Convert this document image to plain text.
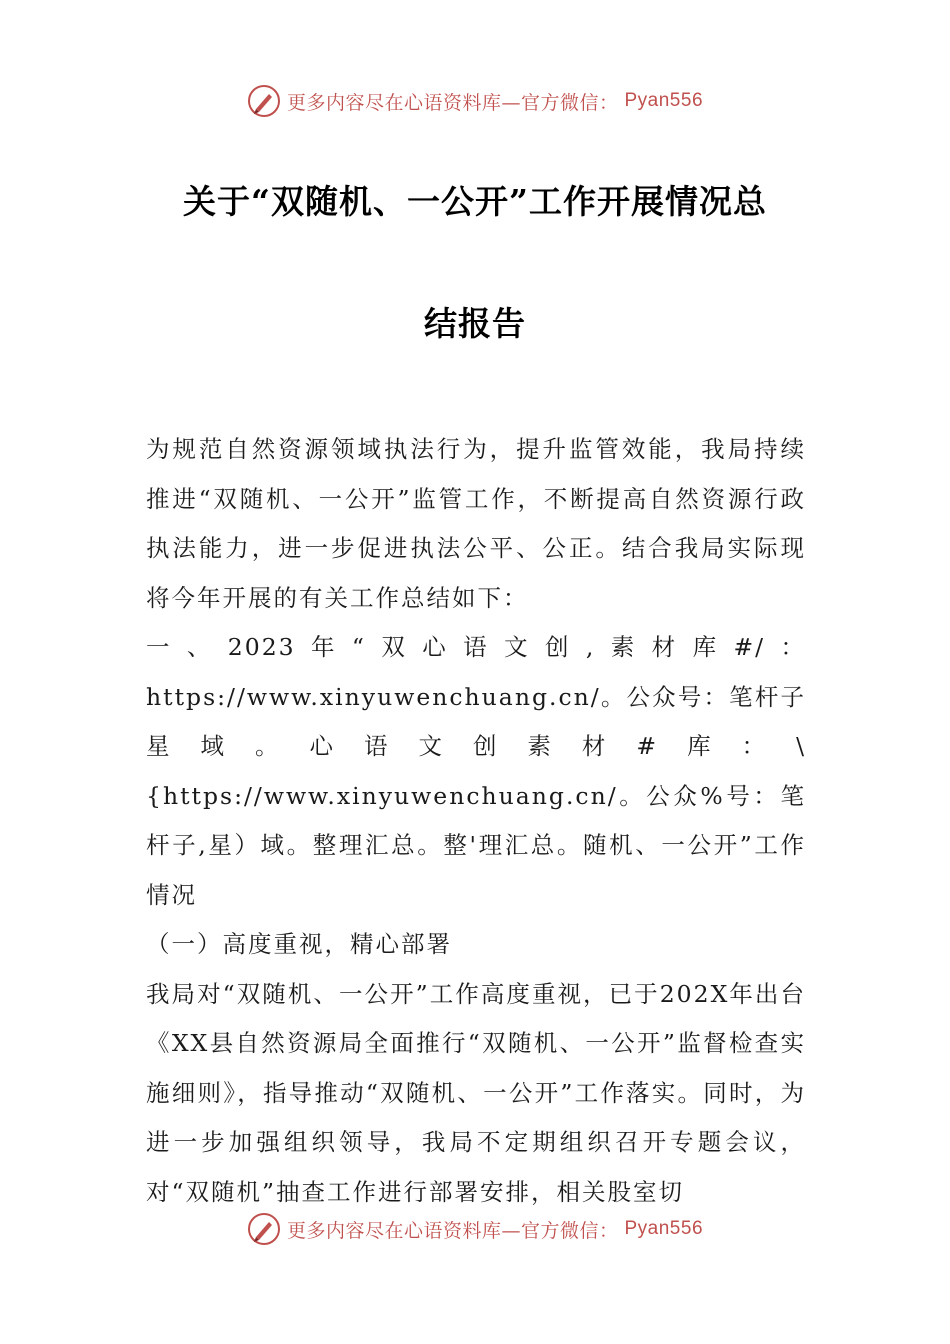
更多内容尽在心语资料库—官方微信： Pyan556
关于“双随机、一公开”工作开展情况总
结报告

为规范自然资源领域执法行为，提升监管效能，我局持续推进“双随机、一公开”监管工作，不断提高自然资源行政执法能力，进一步促进执法公平、公正。结合我局实际现将今年开展的有关工作总结如下：

一、2023年“双心语文创,素材库#/：https://www.xinyuwenchuang.cn/。公众号：笔杆子星域。心语文创素材#库：\{https://www.xinyuwenchuang.cn/。公众%号：笔杆子,星）域。整理汇总。整'理汇总。随机、一公开”工作情况

（一）高度重视，精心部署

我局对“双随机、一公开”工作高度重视，已于202X年出台《XX县自然资源局全面推行“双随机、一公开”监督检查实施细则》，指导推动“双随机、一公开”工作落实。同时，为进一步加强组织领导，我局不定期组织召开专题会议，对“双随机”抽查工作进行部署安排，相关股室切

更多内容尽在心语资料库—官方微信： Pyan556
